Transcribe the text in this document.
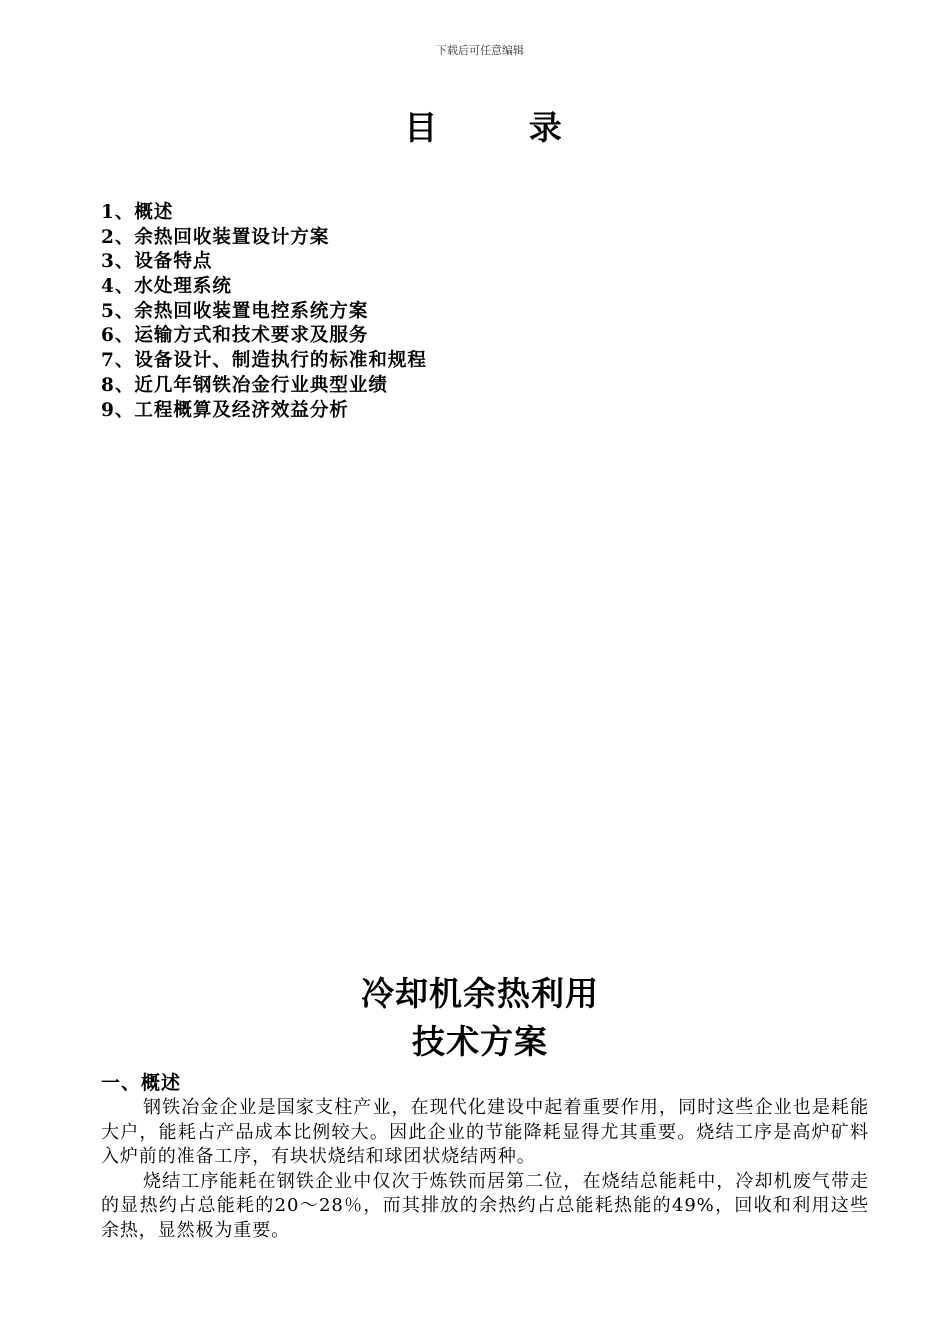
下载后可任意编辑
目 录
1、概述
2、余热回收装置设计方案
3、设备特点
4、水处理系统
5、余热回收装置电控系统方案
6、运输方式和技术要求及服务
7、设备设计、制造执行的标准和规程
8、近几年钢铁冶金行业典型业绩
9、工程概算及经济效益分析
冷却机余热利用
技术方案
一、概述

钢铁冶金企业是国家支柱产业，在现代化建设中起着重要作用，同时这些企业也是耗能大户，能耗占产品成本比例较大。因此企业的节能降耗显得尤其重要。烧结工序是高炉矿料入炉前的准备工序，有块状烧结和球团状烧结两种。

烧结工序能耗在钢铁企业中仅次于炼铁而居第二位，在烧结总能耗中，冷却机废气带走的显热约占总能耗的20～28％，而其排放的余热约占总能耗热能的49%，回收和利用这些余热，显然极为重要。
